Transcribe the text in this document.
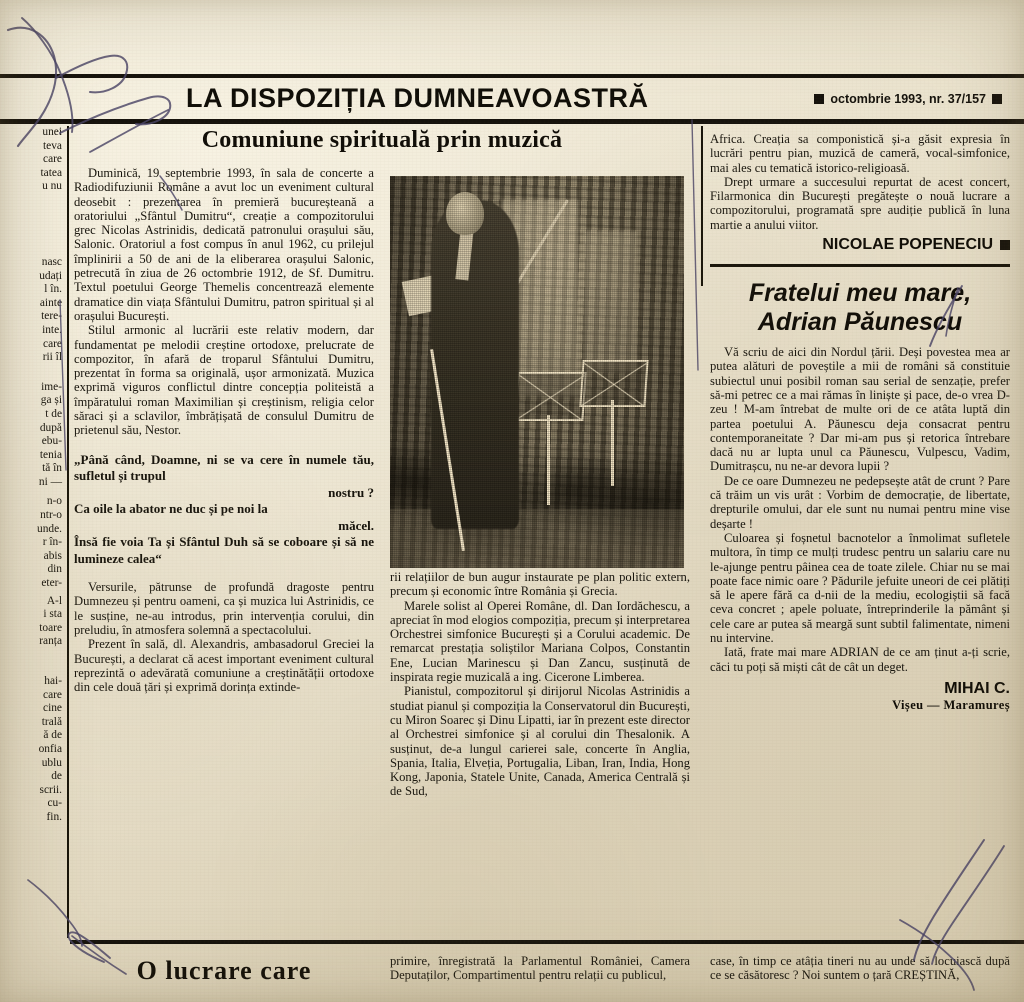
LA DISPOZIȚIA DUMNEAVOASTRĂ	octombrie 1993, nr. 37/157
unei
teva
care
tatea
u nu
nasc
udați
l în.
ainte
tere-
inte.
care
rii îl
ime-
ga și
t de
după
ebu-
tenia
tă în
ni —
n-o
ntr-o
unde.
r în-
abis
din
eter-
A-l
i sta
toare
ranța
hai-
care
cine
trală
ă de
onfia
ublu
de
scrii.
cu-
fin.
Comuniune spirituală prin muzică

Duminică, 19 septembrie 1993, în sala de concerte a Radiodifuziunii Române a avut loc un eveniment cultural deosebit : prezentarea în premieră bucureșteană a oratoriului „Sfântul Dumitru“, creație a compozitorului grec Nicolas Astrinidis, dedicată patronului orașului său, Salonic. Oratoriul a fost compus în anul 1962, cu prilejul împlinirii a 50 de ani de la eliberarea orașului Salonic, petrecută în ziua de 26 octombrie 1912, de Sf. Dumitru. Textul poetului George Themelis concentrează elemente dramatice din viața Sfântului Dumitru, patron spiritual și al orașului București.

Stilul armonic al lucrării este relativ modern, dar fundamentat pe melodii creștine ortodoxe, prelucrate de compozitor, în afară de troparul Sfântului Dumitru, prezentat în forma sa originală, ușor armonizată. Muzica exprimă viguros conflictul dintre concepția politeistă a împăratului roman Maximilian și creștinism, religia celor săraci și a sclavilor, îmbrățișată de consulul Dumitru de prietenul său, Nestor.

„Până când, Doamne, ni se va cere în numele tău, sufletul și trupul
nostru ?
Ca oile la abator ne duc și pe noi la
măcel.
Însă fie voia Ta și Sfântul Duh să se coboare și să ne lumineze calea“

Versurile, pătrunse de profundă dragoste pentru Dumnezeu și pentru oameni, ca și muzica lui Astrinidis, ce le susține, ne-au introdus, prin intervenția corului, din preludiu, în atmosfera solemnă a spectacolului.

Prezent în sală, dl. Alexandris, ambasadorul Greciei la București, a declarat că acest important eveniment cultural reprezintă o adevărată comuniune a creștinătății ortodoxe din cele două țări și exprimă dorința extinde-

rii relațiilor de bun augur instaurate pe plan politic extern, precum și economic între România și Grecia.

Marele solist al Operei Române, dl. Dan Iordăchescu, a apreciat în mod elogios compoziția, precum și interpretarea Orchestrei simfonice București și a Corului academic. De remarcat prestația soliștilor Mariana Colpos, Constantin Ene, Lucian Marinescu și Dan Zancu, susținută de inspirata regie muzicală a ing. Cicerone Limberea.

Pianistul, compozitorul și dirijorul Nicolas Astrinidis a studiat pianul și compoziția la Conservatorul din București, cu Miron Soarec și Dinu Lipatti, iar în prezent este director al Orchestrei simfonice și al corului din Thesalonik. A susținut, de-a lungul carierei sale, concerte în Anglia, Spania, Italia, Elveția, Portugalia, Liban, Iran, India, Hong Kong, Japonia, Statele Unite, Canada, America Centrală și de Sud,

Africa. Creația sa componistică și-a găsit expresia în lucrări pentru pian, muzică de cameră, vocal-simfonice, mai ales cu tematică istorico-religioasă.

Drept urmare a succesului repurtat de acest concert, Filarmonica din București pregătește o nouă lucrare a compozitorului, programată spre audiție publică în luna martie a anului viitor.

NICOLAE POPENECIU
Fratelui meu mare,
Adrian Păunescu

Vă scriu de aici din Nordul țării. Deși povestea mea ar putea alături de poveștile a mii de români să constituie subiectul unui posibil roman sau serial de senzație, prefer să-mi petrec ce a mai rămas în liniște și pace, de-o vrea D-zeu ! M-am întrebat de multe ori de ce atâta luptă din partea poetului A. Păunescu deja consacrat pentru contemporaneitate ? Dar mi-am pus și retorica întrebare dacă nu ar lupta unul ca Păunescu, Vulpescu, Vadim, Dumitrașcu, nu ne-ar devora lupii ?

De ce oare Dumnezeu ne pedepsește atât de crunt ? Pare că trăim un vis urât : Vorbim de democrație, de libertate, drepturile omului, dar ele sunt nu numai pentru mine vise deșarte !

Culoarea și foșnetul bacnotelor a înmolimat sufletele multora, în timp ce mulți trudesc pentru un salariu care nu le-ajunge pentru pâinea cea de toate zilele. Chiar nu se mai poate face nimic oare ? Pădurile jefuite uneori de cei plătiți să le apere fără ca d-nii de la mediu, ecologiștii să facă ceva concret ; apele poluate, întreprinderile la pământ și cele care ar putea să meargă sunt subtil falimentate, nimeni nu intervine.

Iată, frate mai mare ADRIAN de ce am ținut a-ți scrie, căci tu poți să miști cât de cât un deget.

MIHAI C.
Vișeu — Maramureș
O lucrare care	primire, înregistrată la Parlamentul României, Camera Deputaților, Compartimentul pentru relații cu publicul,

case, în timp ce atâția tineri nu au unde să locuiască după ce se căsătoresc ? Noi suntem o țară CREȘTINĂ,
